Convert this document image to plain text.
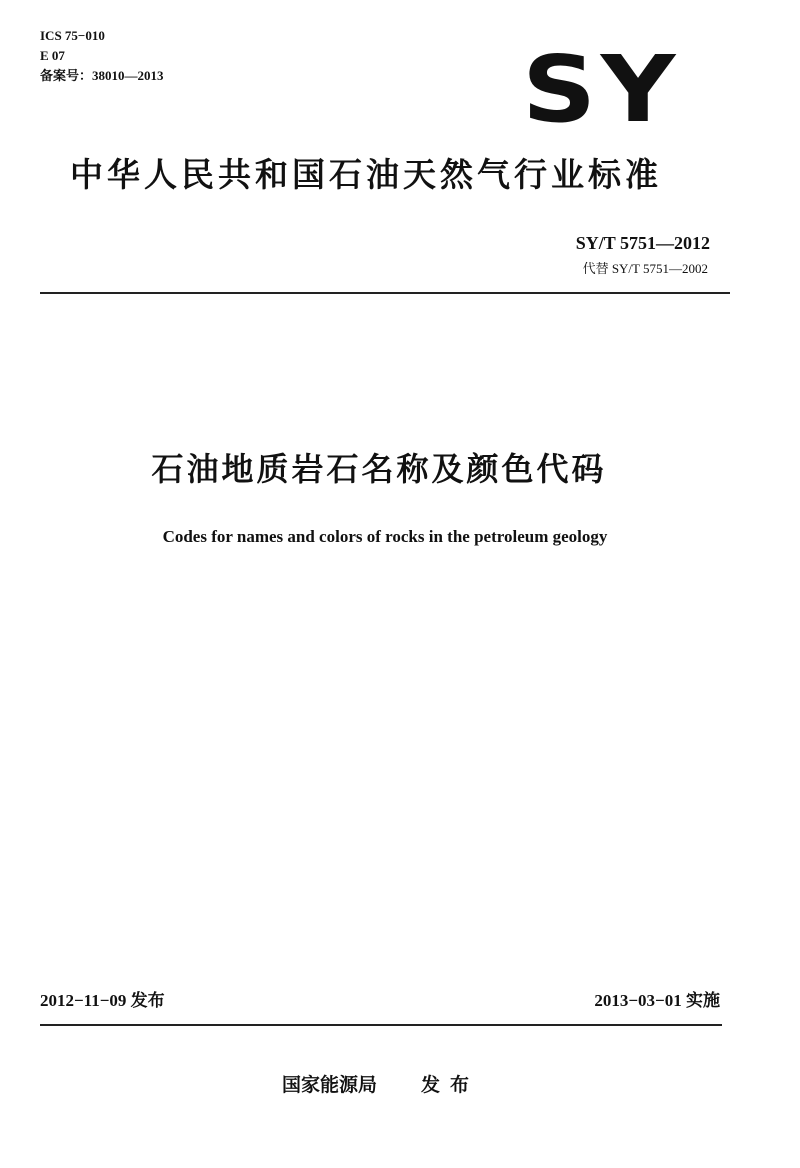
ICS 75−010
E 07
备案号：38010—2013	SY
中华人民共和国石油天然气行业标准
SY/T 5751—2012
代替 SY/T 5751—2002
石油地质岩石名称及颜色代码
Codes for names and colors of rocks in the petroleum geology
2012−11−09 发布	2013−03−01 实施
国家能源局 发布
